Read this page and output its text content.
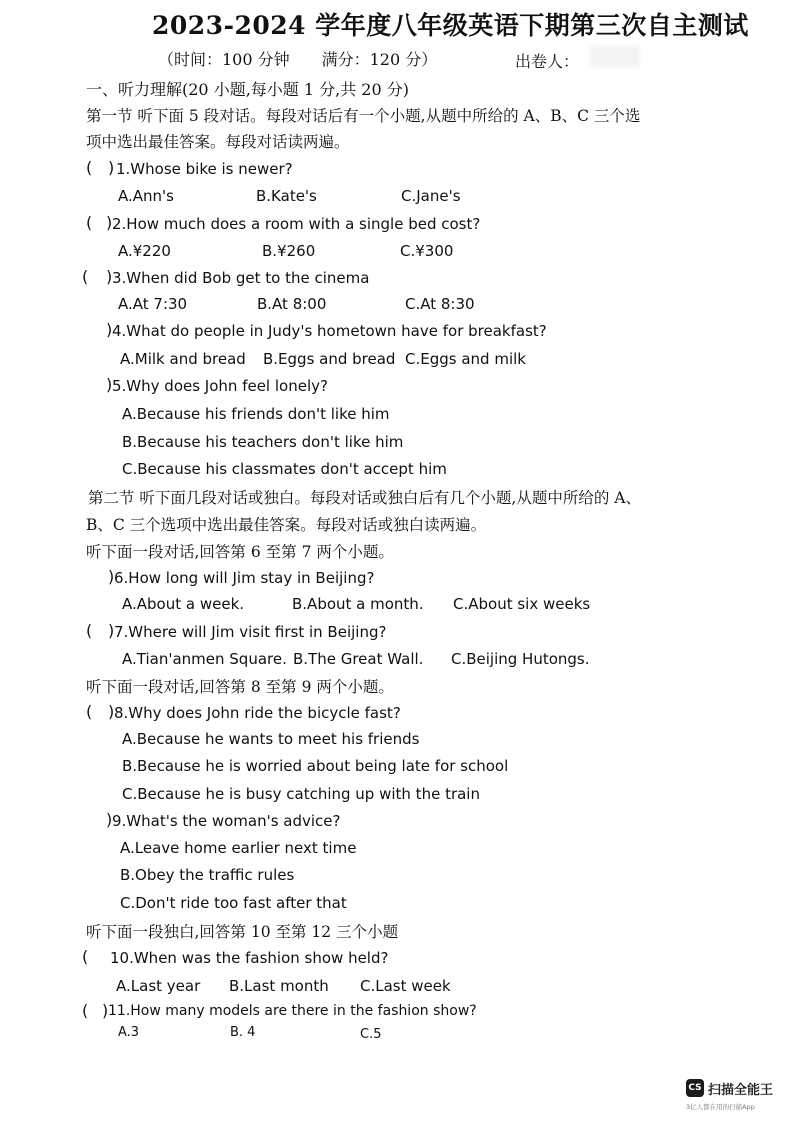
2023-2024 学年度八年级英语下期第三次自主测试
（时间：100 分钟　　满分：120 分）	出卷人：
一、听力理解(20 小题,每小题 1 分,共 20 分)
第一节 听下面 5 段对话。每段对话后有一个小题,从题中所给的 A、B、C 三个选
项中选出最佳答案。每段对话读两遍。
( ) 1.Whose bike is newer?
A.Ann's	B.Kate's	C.Jane's
( ) 2.How much does a room with a single bed cost?
A.¥220	B.¥260	C.¥300
( ) 3.When did Bob get to the cinema
A.At 7:30	B.At 8:00	C.At 8:30
) 4.What do people in Judy's hometown have for breakfast?
A.Milk and bread B.Eggs and bread C.Eggs and milk
) 5.Why does John feel lonely?
A.Because his friends don't like him
B.Because his teachers don't like him
C.Because his classmates don't accept him
第二节 听下面几段对话或独白。每段对话或独白后有几个小题,从题中所给的 A、
B、C 三个选项中选出最佳答案。每段对话或独白读两遍。
听下面一段对话,回答第 6 至第 7 两个小题。
) 6.How long will Jim stay in Beijing?
A.About a week.	B.About a month. C.About six weeks
( ) 7.Where will Jim visit first in Beijing?
A.Tian'anmen Square. B.The Great Wall. C.Beijing Hutongs.
听下面一段对话,回答第 8 至第 9 两个小题。
( ) 8.Why does John ride the bicycle fast?
A.Because he wants to meet his friends
B.Because he is worried about being late for school
C.Because he is busy catching up with the train
) 9.What's the woman's advice?
A.Leave home earlier next time
B.Obey the traffic rules
C.Don't ride too fast after that
听下面一段独白,回答第 10 至第 12 三个小题
( 10.When was the fashion show held?
A.Last year B.Last month C.Last week
( ) 11.How many models are there in the fashion show?
A.3	B. 4	C.5
CS 扫描全能王
3亿人都在用的扫描App
